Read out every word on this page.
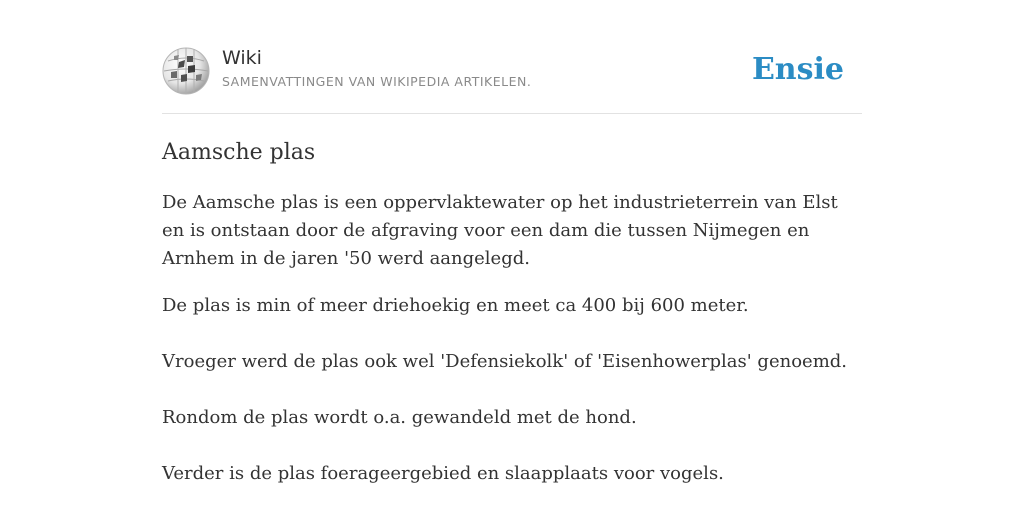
Wiki
SAMENVATTINGEN VAN WIKIPEDIA ARTIKELEN.	Ensie
Aamsche plas

De Aamsche plas is een oppervlaktewater op het industrieterrein van Elst en is ontstaan door de afgraving voor een dam die tussen Nijmegen en Arnhem in de jaren '50 werd aangelegd.

De plas is min of meer driehoekig en meet ca 400 bij 600 meter.

Vroeger werd de plas ook wel 'Defensiekolk' of 'Eisenhowerplas' genoemd.

Rondom de plas wordt o.a. gewandeld met de hond.

Verder is de plas foerageergebied en slaapplaats voor vogels.
